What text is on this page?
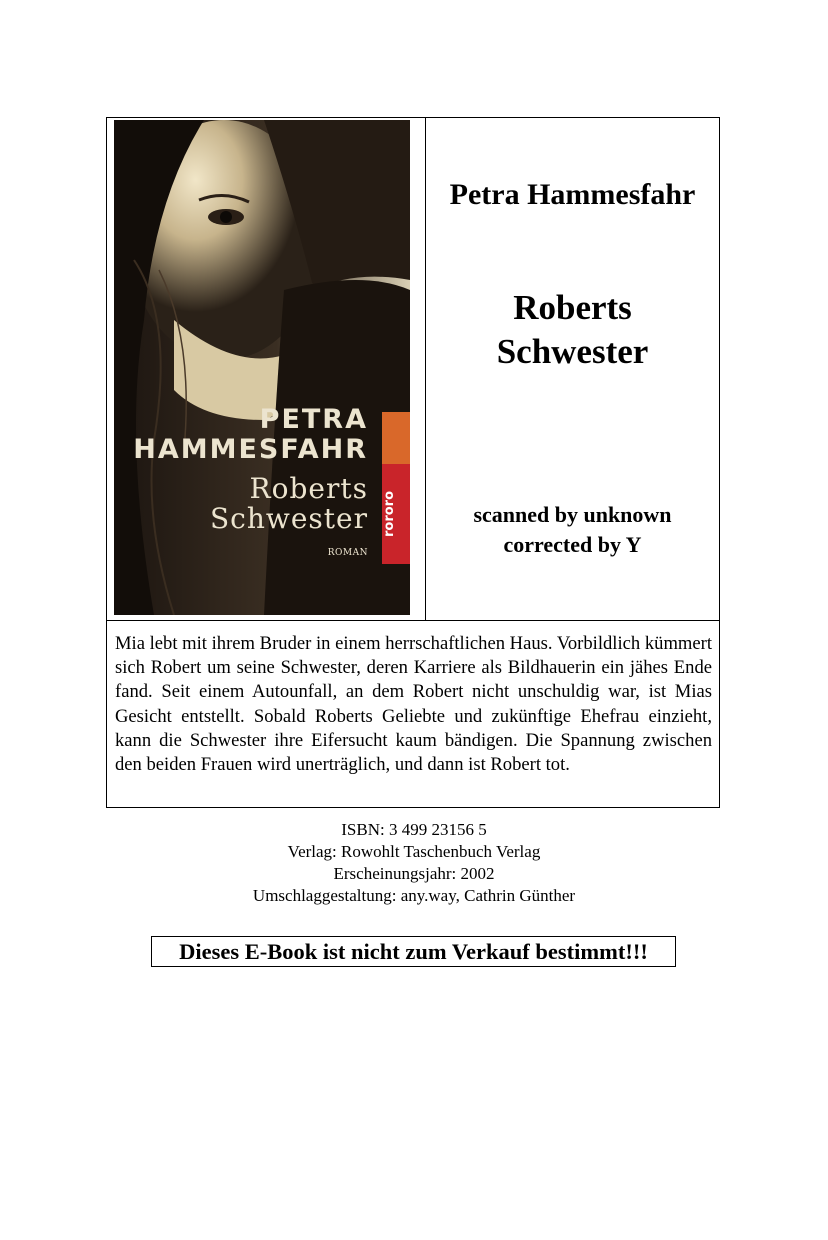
PETRA
HAMMESFAHR
Roberts
Schwester
ROMAN
rororo
Petra Hammesfahr
Roberts
Schwester
scanned by unknown
corrected by Y

Mia lebt mit ihrem Bruder in einem herrschaftlichen Haus. Vorbildlich kümmert sich Robert um seine Schwester, deren Karriere als Bildhauerin ein jähes Ende fand. Seit einem Autounfall, an dem Robert nicht unschuldig war, ist Mias Gesicht entstellt. Sobald Roberts Geliebte und zukünftige Ehefrau einzieht, kann die Schwester ihre Eifersucht kaum bändigen. Die Spannung zwischen den beiden Frauen wird unerträglich, und dann ist Robert tot.

ISBN: 3 499 23156 5
Verlag: Rowohlt Taschenbuch Verlag
Erscheinungsjahr: 2002
Umschlaggestaltung: any.way, Cathrin Günther
Dieses E-Book ist nicht zum Verkauf bestimmt!!!
